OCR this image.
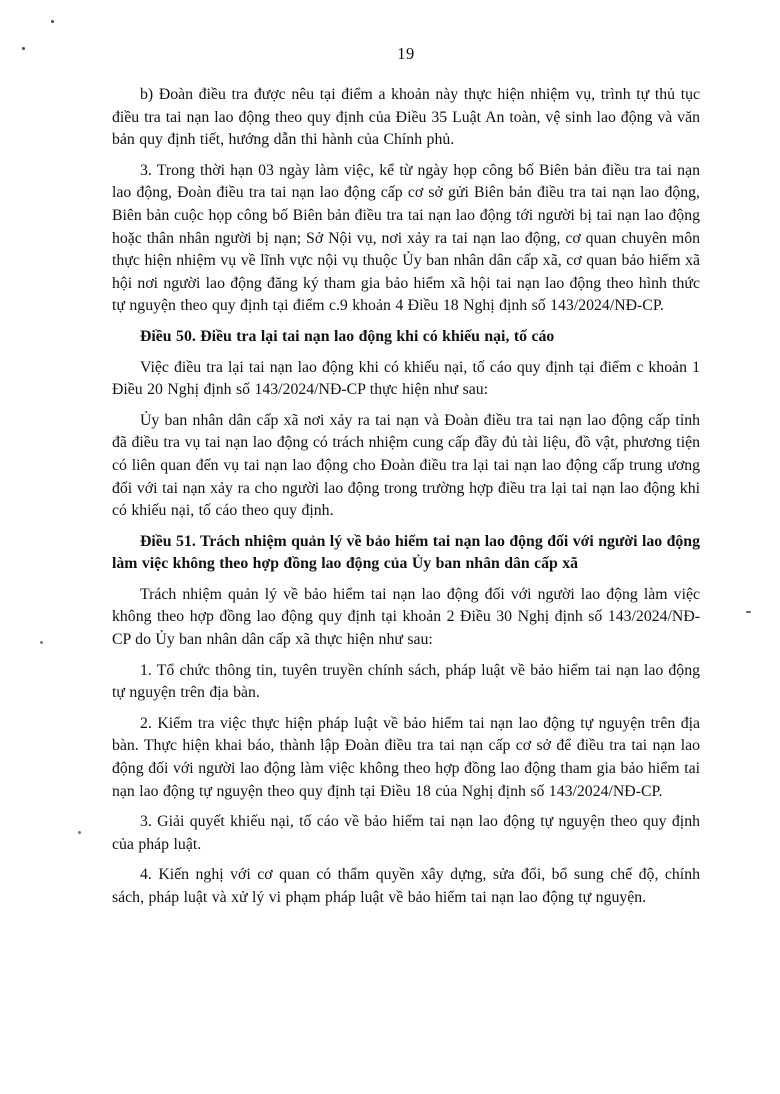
19

b) Đoàn điều tra được nêu tại điểm a khoản này thực hiện nhiệm vụ, trình tự thủ tục điều tra tai nạn lao động theo quy định của Điều 35 Luật An toàn, vệ sinh lao động và văn bản quy định tiết, hướng dẫn thi hành của Chính phủ.

3. Trong thời hạn 03 ngày làm việc, kể từ ngày họp công bố Biên bản điều tra tai nạn lao động, Đoàn điều tra tai nạn lao động cấp cơ sở gửi Biên bản điều tra tai nạn lao động, Biên bản cuộc họp công bố Biên bản điều tra tai nạn lao động tới người bị tai nạn lao động hoặc thân nhân người bị nạn; Sở Nội vụ, nơi xảy ra tai nạn lao động, cơ quan chuyên môn thực hiện nhiệm vụ về lĩnh vực nội vụ thuộc Ủy ban nhân dân cấp xã, cơ quan bảo hiểm xã hội nơi người lao động đăng ký tham gia bảo hiểm xã hội tai nạn lao động theo hình thức tự nguyện theo quy định tại điểm c.9 khoản 4 Điều 18 Nghị định số 143/2024/NĐ-CP.

Điều 50. Điều tra lại tai nạn lao động khi có khiếu nại, tố cáo

Việc điều tra lại tai nạn lao động khi có khiếu nại, tố cáo quy định tại điểm c khoản 1 Điều 20 Nghị định số 143/2024/NĐ-CP thực hiện như sau:

Ủy ban nhân dân cấp xã nơi xảy ra tai nạn và Đoàn điều tra tai nạn lao động cấp tỉnh đã điều tra vụ tai nạn lao động có trách nhiệm cung cấp đầy đủ tài liệu, đồ vật, phương tiện có liên quan đến vụ tai nạn lao động cho Đoàn điều tra lại tai nạn lao động cấp trung ương đối với tai nạn xảy ra cho người lao động trong trường hợp điều tra lại tai nạn lao động khi có khiếu nại, tố cáo theo quy định.

Điều 51. Trách nhiệm quản lý về bảo hiểm tai nạn lao động đối với người lao động làm việc không theo hợp đồng lao động của Ủy ban nhân dân cấp xã

Trách nhiệm quản lý về bảo hiểm tai nạn lao động đối với người lao động làm việc không theo hợp đồng lao động quy định tại khoản 2 Điều 30 Nghị định số 143/2024/NĐ-CP do Ủy ban nhân dân cấp xã thực hiện như sau:

1. Tổ chức thông tin, tuyên truyền chính sách, pháp luật về bảo hiểm tai nạn lao động tự nguyện trên địa bàn.

2. Kiểm tra việc thực hiện pháp luật về bảo hiểm tai nạn lao động tự nguyện trên địa bàn. Thực hiện khai báo, thành lập Đoàn điều tra tai nạn cấp cơ sở để điều tra tai nạn lao động đối với người lao động làm việc không theo hợp đồng lao động tham gia bảo hiểm tai nạn lao động tự nguyện theo quy định tại Điều 18 của Nghị định số 143/2024/NĐ-CP.

3. Giải quyết khiếu nại, tố cáo về bảo hiểm tai nạn lao động tự nguyện theo quy định của pháp luật.

4. Kiến nghị với cơ quan có thẩm quyền xây dựng, sửa đổi, bổ sung chế độ, chính sách, pháp luật và xử lý vi phạm pháp luật về bảo hiểm tai nạn lao động tự nguyện.
